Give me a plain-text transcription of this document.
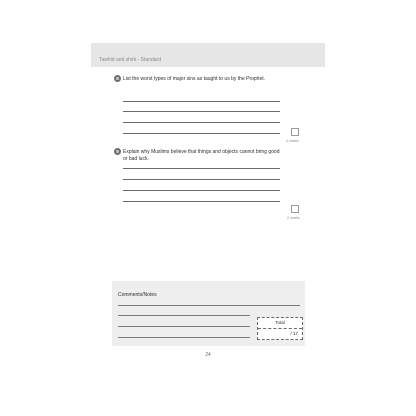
Tawhid and shirk - Standard
8 List the worst types of major sins as taught to us by the Prophet.
4 marks
9 Explain why Muslims believe that things and objects cannot bring good or bad luck.
2 marks
Comments/Notes
Total
/ 17
24
